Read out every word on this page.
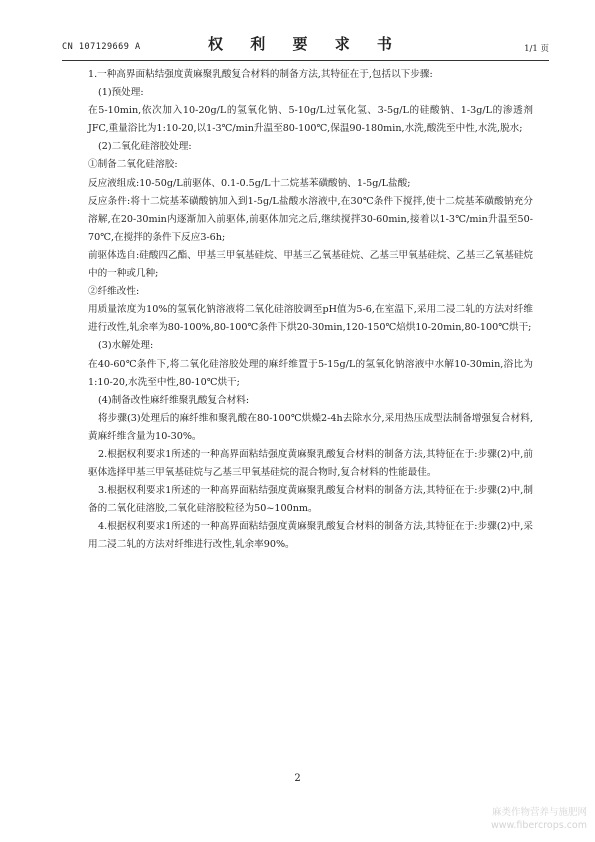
CN 107129669 A	权 利 要 求 书	1/1 页

1.一种高界面粘结强度黄麻聚乳酸复合材料的制备方法,其特征在于,包括以下步骤:

(1)预处理:

在5-10min,依次加入10-20g/L的氢氧化钠、5-10g/L过氧化氢、3-5g/L的硅酸钠、1-3g/L的渗透剂JFC,重量浴比为1:10-20,以1-3℃/min升温至80-100℃,保温90-180min,水洗,酸洗至中性,水洗,脱水;

(2)二氧化硅溶胶处理:

①制备二氧化硅溶胶:

反应液组成:10-50g/L前驱体、0.1-0.5g/L十二烷基苯磺酸钠、1-5g/L盐酸;

反应条件:将十二烷基苯磺酸钠加入到1-5g/L盐酸水溶液中,在30℃条件下搅拌,使十二烷基苯磺酸钠充分溶解,在20-30min内逐渐加入前驱体,前驱体加完之后,继续搅拌30-60min,接着以1-3℃/min升温至50-70℃,在搅拌的条件下反应3-6h;

前驱体选自:硅酸四乙酯、甲基三甲氧基硅烷、甲基三乙氧基硅烷、乙基三甲氧基硅烷、乙基三乙氧基硅烷中的一种或几种;

②纤维改性:

用质量浓度为10%的氢氧化钠溶液将二氧化硅溶胶调至pH值为5-6,在室温下,采用二浸二轧的方法对纤维进行改性,轧余率为80-100%,80-100℃条件下烘20-30min,120-150℃焙烘10-20min,80-100℃烘干;

(3)水解处理:

在40-60℃条件下,将二氧化硅溶胶处理的麻纤维置于5-15g/L的氢氧化钠溶液中水解10-30min,浴比为1:10-20,水洗至中性,80-10℃烘干;

(4)制备改性麻纤维聚乳酸复合材料:

将步骤(3)处理后的麻纤维和聚乳酸在80-100℃烘燥2-4h去除水分,采用热压成型法制备增强复合材料,黄麻纤维含量为10-30%。

2.根据权利要求1所述的一种高界面粘结强度黄麻聚乳酸复合材料的制备方法,其特征在于:步骤(2)中,前驱体选择甲基三甲氧基硅烷与乙基三甲氧基硅烷的混合物时,复合材料的性能最佳。

3.根据权利要求1所述的一种高界面粘结强度黄麻聚乳酸复合材料的制备方法,其特征在于:步骤(2)中,制备的二氧化硅溶胶,二氧化硅溶胶粒径为50~100nm。

4.根据权利要求1所述的一种高界面粘结强度黄麻聚乳酸复合材料的制备方法,其特征在于:步骤(2)中,采用二浸二轧的方法对纤维进行改性,轧余率90%。

2
麻类作物营养与施肥网
www.fibercrops.com
